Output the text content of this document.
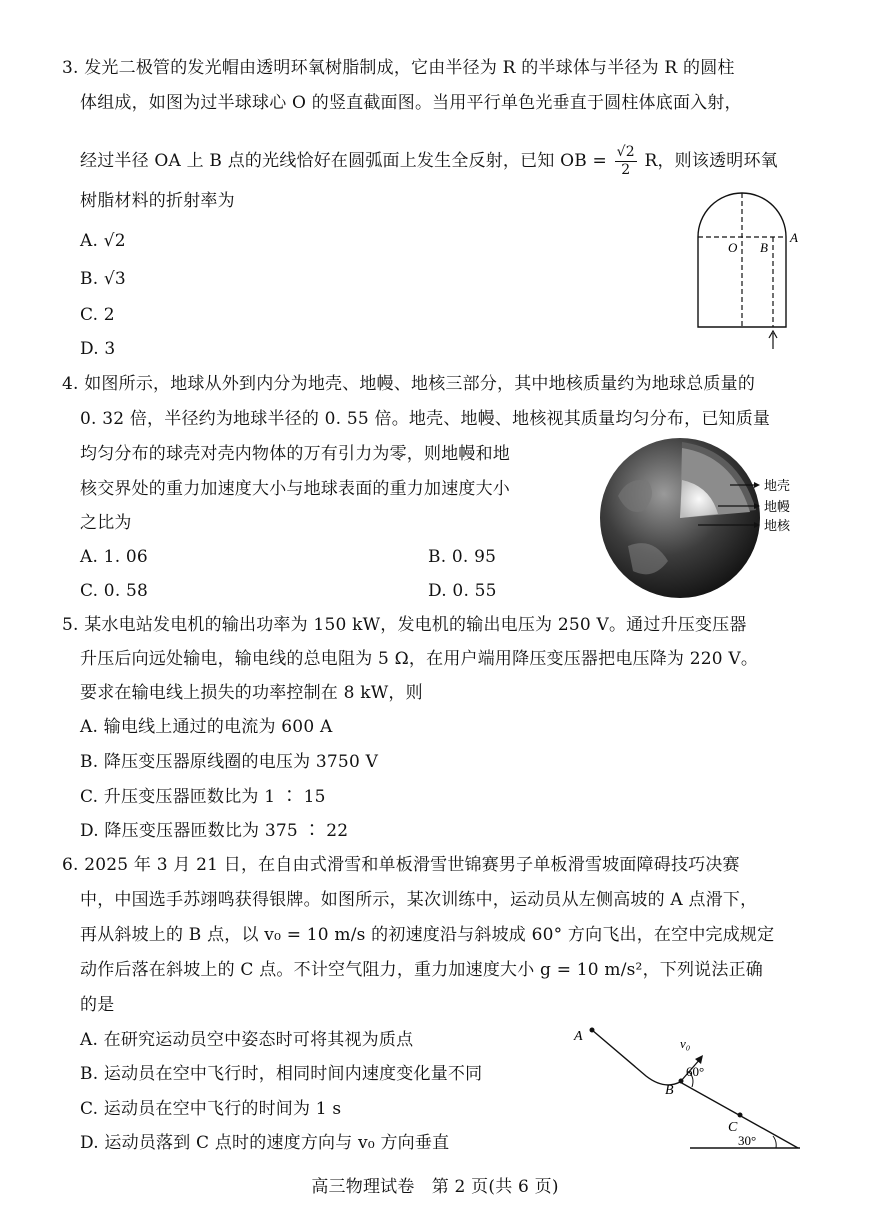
3. 发光二极管的发光帽由透明环氧树脂制成，它由半径为 R 的半球体与半径为 R 的圆柱
体组成，如图为过半球球心 O 的竖直截面图。当用平行单色光垂直于圆柱体底面入射，
经过半径 OA 上 B 点的光线恰好在圆弧面上发生全反射，已知 OB = $\frac{√2}{2}$ R，则该透明环氧
树脂材料的折射率为
A. √2
B. √3
C. 2
D. 3
O B
A
4. 如图所示，地球从外到内分为地壳、地幔、地核三部分，其中地核质量约为地球总质量的
0. 32 倍，半径约为地球半径的 0. 55 倍。地壳、地幔、地核视其质量均匀分布，已知质量
均匀分布的球壳对壳内物体的万有引力为零，则地幔和地
核交界处的重力加速度大小与地球表面的重力加速度大小
之比为
A. 1. 06	B. 0. 95
C. 0. 58	D. 0. 55
地壳
地幔
地核
5. 某水电站发电机的输出功率为 150 kW，发电机的输出电压为 250 V。通过升压变压器
升压后向远处输电，输电线的总电阻为 5 Ω，在用户端用降压变压器把电压降为 220 V。
要求在输电线上损失的功率控制在 8 kW，则
A. 输电线上通过的电流为 600 A
B. 降压变压器原线圈的电压为 3750 V
C. 升压变压器匝数比为 1 ∶ 15
D. 降压变压器匝数比为 375 ∶ 22
6. 2025 年 3 月 21 日，在自由式滑雪和单板滑雪世锦赛男子单板滑雪坡面障碍技巧决赛
中，中国选手苏翊鸣获得银牌。如图所示，某次训练中，运动员从左侧高坡的 A 点滑下，
再从斜坡上的 B 点，以 v₀ = 10 m/s 的初速度沿与斜坡成 60° 方向飞出，在空中完成规定
动作后落在斜坡上的 C 点。不计空气阻力，重力加速度大小 g = 10 m/s²，下列说法正确
的是
A. 在研究运动员空中姿态时可将其视为质点
B. 运动员在空中飞行时，相同时间内速度变化量不同
C. 运动员在空中飞行的时间为 1 s
D. 运动员落到 C 点时的速度方向与 v₀ 方向垂直
A
B
C
v₀
60°
30°
高三物理试卷　第 2 页(共 6 页)
